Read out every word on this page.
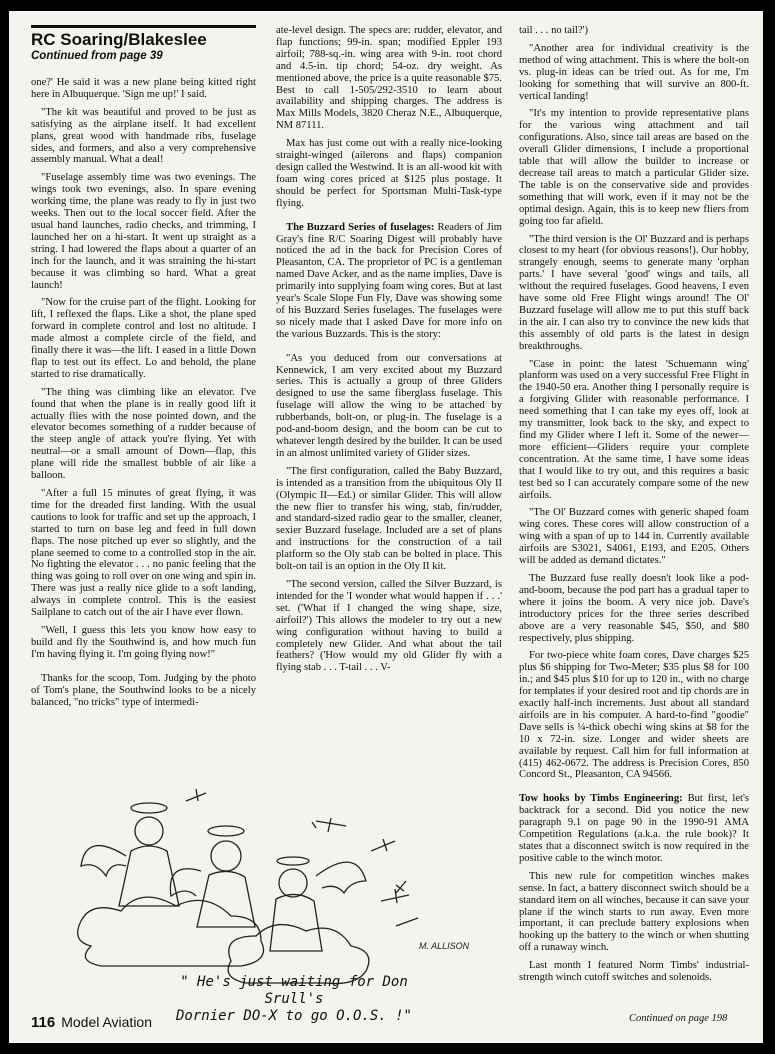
RC Soaring/Blakeslee
Continued from page 39

one?' He said it was a new plane being kitted right here in Albuquerque. 'Sign me up!' I said.

"The kit was beautiful and proved to be just as satisfying as the airplane itself. It had excellent plans, great wood with handmade ribs, fuselage sides, and formers, and also a very comprehensive assembly manual. What a deal!

"Fuselage assembly time was two evenings. The wings took two evenings, also. In spare evening working time, the plane was ready to fly in just two weeks. Then out to the local soccer field. After the usual hand launches, radio checks, and trimming, I launched her on a hi-start. It went up straight as a string. I had lowered the flaps about a quarter of an inch for the launch, and it was straining the hi-start because it was climbing so hard. What a great launch!

"Now for the cruise part of the flight. Looking for lift, I reflexed the flaps. Like a shot, the plane sped forward in complete control and lost no altitude. I made almost a complete circle of the field, and finally there it was—the lift. I eased in a little Down flap to test out its effect. Lo and behold, the plane started to rise dramatically.

"The thing was climbing like an elevator. I've found that when the plane is in really good lift it actually flies with the nose pointed down, and the elevator becomes something of a rudder because of the steep angle of attack you're flying. Yet with neutral—or a small amount of Down—flap, this plane will ride the smallest bubble of air like a balloon.

"After a full 15 minutes of great flying, it was time for the dreaded first landing. With the usual cautions to look for traffic and set up the approach, I started to turn on base leg and feed in full down flaps. The nose pitched up ever so slightly, and the plane seemed to come to a controlled stop in the air. No fighting the elevator . . . no panic feeling that the thing was going to roll over on one wing and spin in. There was just a really nice glide to a soft landing, always in complete control. This is the easiest Sailplane to catch out of the air I have ever flown.

"Well, I guess this lets you know how easy to build and fly the Southwind is, and how much fun I'm having flying it. I'm going flying now!"

Thanks for the scoop, Tom. Judging by the photo of Tom's plane, the Southwind looks to be a nicely balanced, "no tricks" type of intermedi-

ate-level design. The specs are: rudder, elevator, and flap functions; 99-in. span; modified Eppler 193 airfoil; 788-sq.-in. wing area with 9-in. root chord and 4.5-in. tip chord; 54-oz. dry weight. As mentioned above, the price is a quite reasonable $75. Best to call 1-505/292-3510 to learn about availability and shipping charges. The address is Max Mills Models, 3820 Cheraz N.E., Albuquerque, NM 87111.

Max has just come out with a really nice-looking straight-winged (ailerons and flaps) companion design called the Westwind. It is an all-wood kit with foam wing cores priced at $125 plus postage. It should be perfect for Sportsman Multi-Task-type flying.

The Buzzard Series of fuselages: Readers of Jim Gray's fine R/C Soaring Digest will probably have noticed the ad in the back for Precision Cores of Pleasanton, CA. The proprietor of PC is a gentleman named Dave Acker, and as the name implies, Dave is primarily into supplying foam wing cores. But at last year's Scale Slope Fun Fly, Dave was showing some of his Buzzard Series fuselages. The fuselages were so nicely made that I asked Dave for more info on the various Buzzards. This is the story:

"As you deduced from our conversations at Kennewick, I am very excited about my Buzzard series. This is actually a group of three Gliders designed to use the same fiberglass fuselage. This fuselage will allow the wing to be attached by rubberbands, bolt-on, or plug-in. The fuselage is a pod-and-boom design, and the boom can be cut to whatever length desired by the builder. It can be used in an almost unlimited variety of Glider sizes.

"The first configuration, called the Baby Buzzard, is intended as a transition from the ubiquitous Oly II (Olympic II—Ed.) or similar Glider. This will allow the new flier to transfer his wing, stab, fin/rudder, and standard-sized radio gear to the smaller, cleaner, sexier Buzzard fuselage. Included are a set of plans and instructions for the construction of a tail platform so the Oly stab can be bolted in place. This bolt-on tail is an option in the Oly II kit.

"The second version, called the Silver Buzzard, is intended for the 'I wonder what would happen if . . .' set. ('What if I changed the wing shape, size, airfoil?') This allows the modeler to try out a new wing configuration without having to build a completely new Glider. And what about the tail feathers? ('How would my old Glider fly with a flying stab . . . T-tail . . . V-

tail . . . no tail?')

"Another area for individual creativity is the method of wing attachment. This is where the bolt-on vs. plug-in ideas can be tried out. As for me, I'm looking for something that will survive an 800-ft. vertical landing!

"It's my intention to provide representative plans for the various wing attachment and tail configurations. Also, since tail areas are based on the overall Glider dimensions, I include a proportional table that will allow the builder to increase or decrease tail areas to match a particular Glider size. The table is on the conservative side and provides something that will work, even if it may not be the optimal design. Again, this is to keep new fliers from going too far afield.

"The third version is the Ol' Buzzard and is perhaps closest to my heart (for obvious reasons!). Our hobby, strangely enough, seems to generate many 'orphan parts.' I have several 'good' wings and tails, all without the required fuselages. Good heavens, I even have some old Free Flight wings around! The Ol' Buzzard fuselage will allow me to put this stuff back in the air. I can also try to convince the new kids that this assembly of old parts is the latest in design breakthroughs.

"Case in point: the latest 'Schuemann wing' planform was used on a very successful Free Flight in the 1940-50 era. Another thing I personally require is a forgiving Glider with reasonable performance. I need something that I can take my eyes off, look at my transmitter, look back to the sky, and expect to find my Glider where I left it. Some of the newer—more efficient—Gliders require your complete concentration. At the same time, I have some ideas that I would like to try out, and this requires a basic test bed so I can accurately compare some of the new airfoils.

"The Ol' Buzzard comes with generic shaped foam wing cores. These cores will allow construction of a wing with a span of up to 144 in. Currently available airfoils are S3021, S4061, E193, and E205. Others will be added as demand dictates."

The Buzzard fuse really doesn't look like a pod-and-boom, because the pod part has a gradual taper to where it joins the boom. A very nice job. Dave's introductory prices for the three series described above are a very reasonable $45, $50, and $80 respectively, plus shipping.

For two-piece white foam cores, Dave charges $25 plus $6 shipping for Two-Meter; $35 plus $8 for 100 in.; and $45 plus $10 for up to 120 in., with no charge for templates if your desired root and tip chords are in exactly half-inch increments. Just about all standard airfoils are in his computer. A hard-to-find "goodie" Dave sells is ¼-thick obechi wing skins at $8 for the 10 x 72-in. size. Longer and wider sheets are available by request. Call him for full information at (415) 462-0672. The address is Precision Cores, 850 Concord St., Pleasanton, CA 94566.

Tow hooks by Timbs Engineering: But first, let's backtrack for a second. Did you notice the new paragraph 9.1 on page 90 in the 1990-91 AMA Competition Regulations (a.k.a. the rule book)? It states that a disconnect switch is now required in the positive cable to the winch motor.

This new rule for competition winches makes sense. In fact, a battery disconnect switch should be a standard item on all winches, because it can save your plane if the winch starts to run away. Even more important, it can preclude battery explosions when hooking up the battery to the winch or when shutting off a runaway winch.

Last month I featured Norm Timbs' industrial-strength winch cutoff switches and solenoids.

M. ALLISON
" He's just waiting for Don Srull's
Dornier DO-X to go O.O.S. !"
116 Model Aviation	Continued on page 198
